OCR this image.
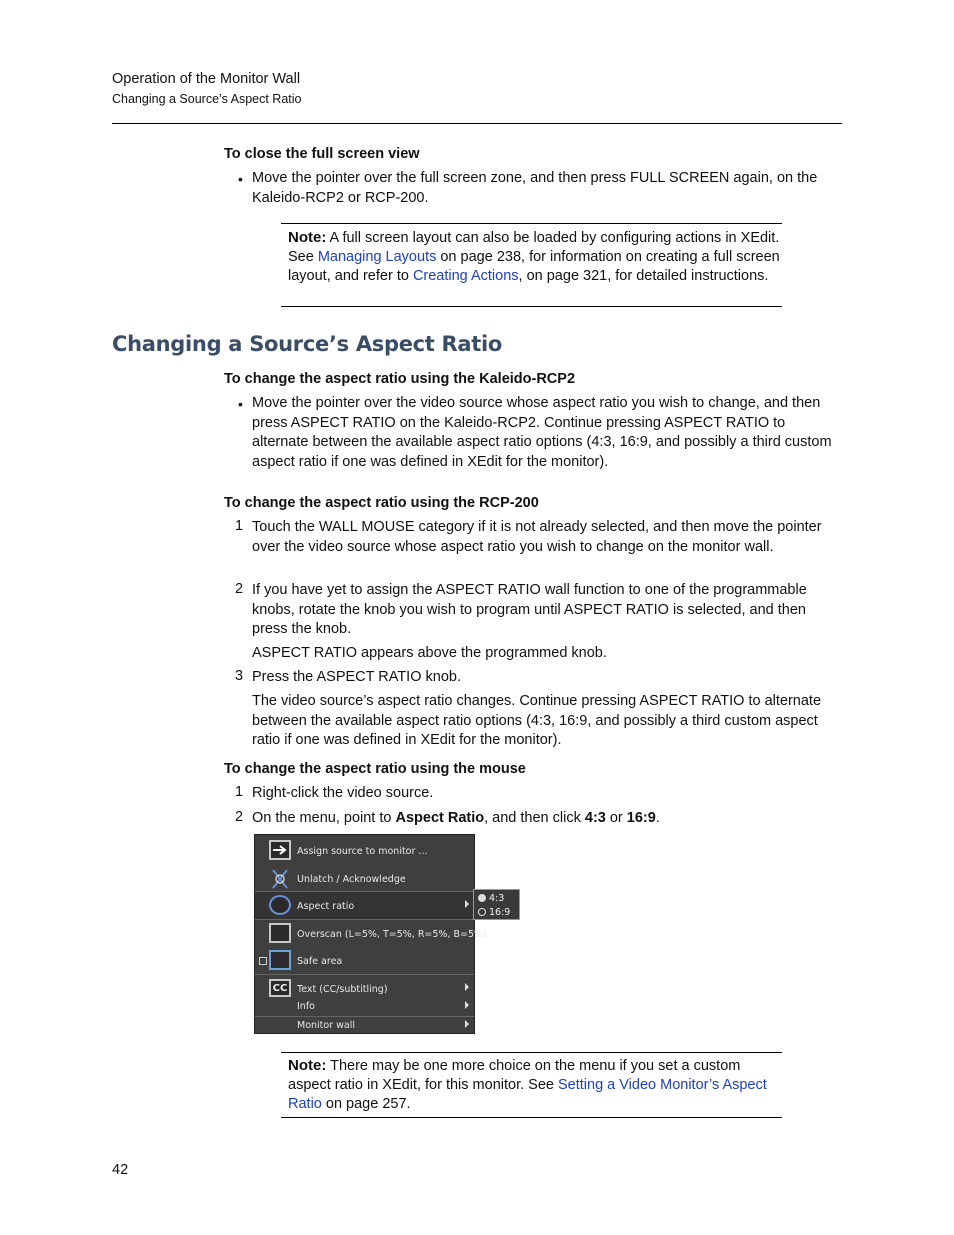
Operation of the Monitor Wall
Changing a Source’s Aspect Ratio
To close the full screen view
• Move the pointer over the full screen zone, and then press FULL SCREEN again, on the Kaleido-RCP2 or RCP-200.
Note: A full screen layout can also be loaded by configuring actions in XEdit. See Managing Layouts on page 238, for information on creating a full screen layout, and refer to Creating Actions, on page 321, for detailed instructions.
Changing a Source’s Aspect Ratio
To change the aspect ratio using the Kaleido-RCP2
• Move the pointer over the video source whose aspect ratio you wish to change, and then press ASPECT RATIO on the Kaleido-RCP2. Continue pressing ASPECT RATIO to alternate between the available aspect ratio options (4:3, 16:9, and possibly a third custom aspect ratio if one was defined in XEdit for the monitor).
To change the aspect ratio using the RCP-200
1 Touch the WALL MOUSE category if it is not already selected, and then move the pointer over the video source whose aspect ratio you wish to change on the monitor wall.
2 If you have yet to assign the ASPECT RATIO wall function to one of the programmable knobs, rotate the knob you wish to program until ASPECT RATIO is selected, and then press the knob.
ASPECT RATIO appears above the programmed knob.
3 Press the ASPECT RATIO knob.
The video source’s aspect ratio changes. Continue pressing ASPECT RATIO to alternate between the available aspect ratio options (4:3, 16:9, and possibly a third custom aspect ratio if one was defined in XEdit for the monitor).
To change the aspect ratio using the mouse
1 Right-click the video source.
2 On the menu, point to Aspect Ratio, and then click 4:3 or 16:9.
Assign source to monitor ...
Unlatch / Acknowledge
Aspect ratio
Overscan (L=5%, T=5%, R=5%, B=5%)
Safe area
CC	Text (CC/subtitling)
Info
Monitor wall
4:3
16:9
Note: There may be one more choice on the menu if you set a custom aspect ratio in XEdit, for this monitor. See Setting a Video Monitor’s Aspect Ratio on page 257.
42
